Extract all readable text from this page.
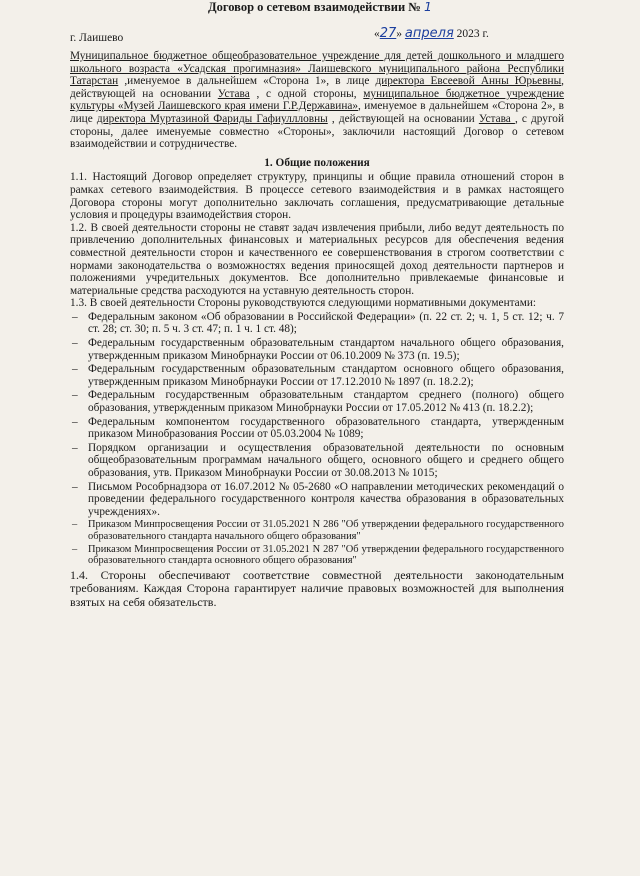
Договор о сетевом взаимодействии № 1
г. Лаишево	«27» апреля 2023 г.

Муниципальное бюджетное общеобразовательное учреждение для детей дошкольного и младшего школьного возраста «Усадская прогимназия» Лаишевского муниципального района Республики Татарстан ,именуемое в дальнейшем «Сторона 1», в лице директора Евсеевой Анны Юрьевны, действующей на основании Устава , с одной стороны, муниципальное бюджетное учреждение культуры «Музей Лаишевского края имени Г.Р.Державина», именуемое в дальнейшем «Сторона 2», в лице директора Муртазиной Фариды Гафиуллловны , действующей на основании Устава , с другой стороны, далее именуемые совместно «Стороны», заключили настоящий Договор о сетевом взаимодействии и сотрудничестве.

1. Общие положения

1.1. Настоящий Договор определяет структуру, принципы и общие правила отношений сторон в рамках сетевого взаимодействия. В процессе сетевого взаимодействия и в рамках настоящего Договора стороны могут дополнительно заключать соглашения, предусматривающие детальные условия и процедуры взаимодействия сторон.

1.2. В своей деятельности стороны не ставят задач извлечения прибыли, либо ведут деятельность по привлечению дополнительных финансовых и материальных ресурсов для обеспечения ведения совместной деятельности сторон и качественного ее совершенствования в строгом соответствии с нормами законодательства о возможностях ведения приносящей доход деятельности партнеров и положениями учредительных документов. Все дополнительно привлекаемые финансовые и материальные средства расходуются на уставную деятельность сторон.

1.3. В своей деятельности Стороны руководствуются следующими нормативными документами:

– Федеральным законом «Об образовании в Российской Федерации» (п. 22 ст. 2; ч. 1, 5 ст. 12; ч. 7 ст. 28; ст. 30; п. 5 ч. 3 ст. 47; п. 1 ч. 1 ст. 48);
– Федеральным государственным образовательным стандартом начального общего образования, утвержденным приказом Минобрнауки России от 06.10.2009 № 373 (п. 19.5);
– Федеральным государственным образовательным стандартом основного общего образования, утвержденным приказом Минобрнауки России от 17.12.2010 № 1897 (п. 18.2.2);
– Федеральным государственным образовательным стандартом среднего (полного) общего образования, утвержденным приказом Минобрнауки России от 17.05.2012 № 413 (п. 18.2.2);
– Федеральным компонентом государственного образовательного стандарта, утвержденным приказом Минобразования России от 05.03.2004 № 1089;
– Порядком организации и осуществления образовательной деятельности по основным общеобразовательным программам начального общего, основного общего и среднего общего образования, утв. Приказом Минобрнауки России от 30.08.2013 № 1015;
– Письмом Рособрнадзора от 16.07.2012 № 05-2680 «О направлении методических рекомендаций о проведении федерального государственного контроля качества образования в образовательных учреждениях».
– Приказом Минпросвещения России от 31.05.2021 N 286 "Об утверждении федерального государственного образовательного стандарта начального общего образования"
– Приказом Минпросвещения России от 31.05.2021 N 287 "Об утверждении федерального государственного образовательного стандарта основного общего образования"

1.4. Стороны обеспечивают соответствие совместной деятельности законодательным требованиям. Каждая Сторона гарантирует наличие правовых возможностей для выполнения взятых на себя обязательств.
